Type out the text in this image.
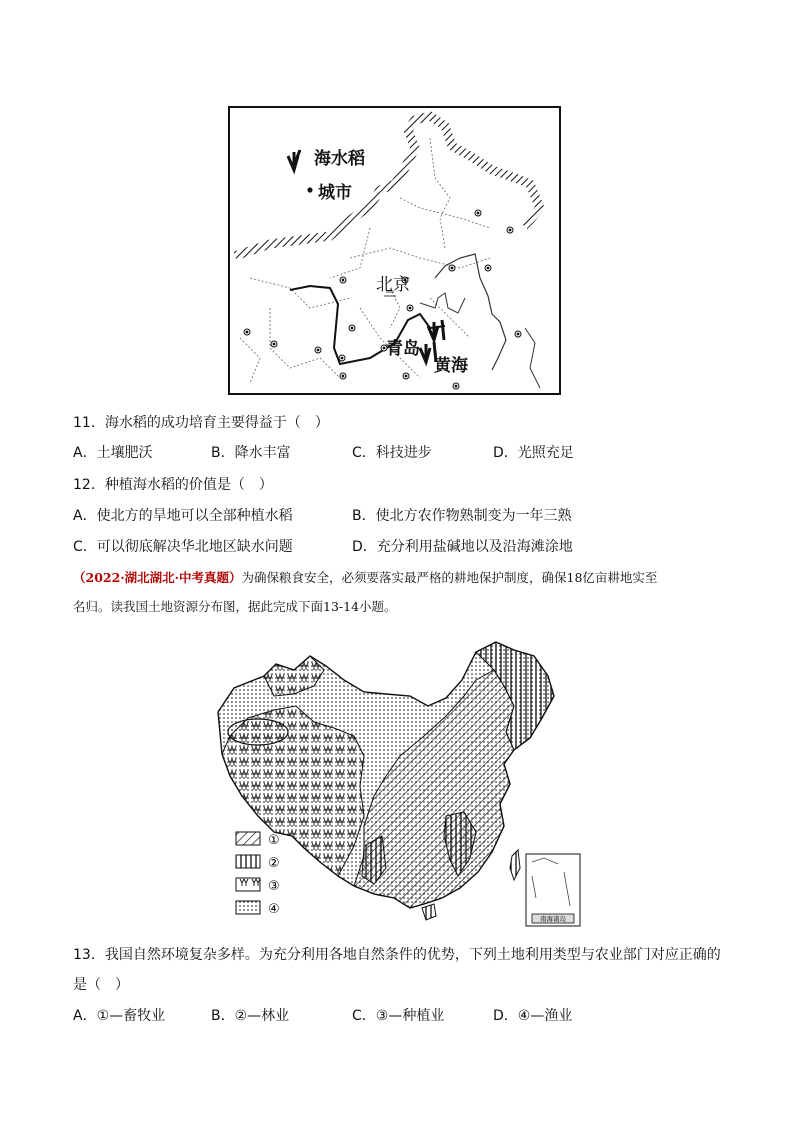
海水稻
城市
北京
青岛
黄海
11．海水稻的成功培育主要得益于（　）
A．土壤肥沃	B．降水丰富	C．科技进步	D．光照充足
12．种植海水稻的价值是（　）
A．使北方的旱地可以全部种植水稻	B．使北方农作物熟制变为一年三熟
C．可以彻底解决华北地区缺水问题	D．充分利用盐碱地以及沿海滩涂地
（2022·湖北湖北·中考真题）为确保粮食安全，必须要落实最严格的耕地保护制度，确保18亿亩耕地实至
名归。读我国土地资源分布图，据此完成下面13-14小题。
南海诸岛
①
②
③
④
13．我国自然环境复杂多样。为充分利用各地自然条件的优势，下列土地利用类型与农业部门对应正确的
是（　）
A．①—畜牧业	B．②—林业	C．③—种植业	D．④—渔业
